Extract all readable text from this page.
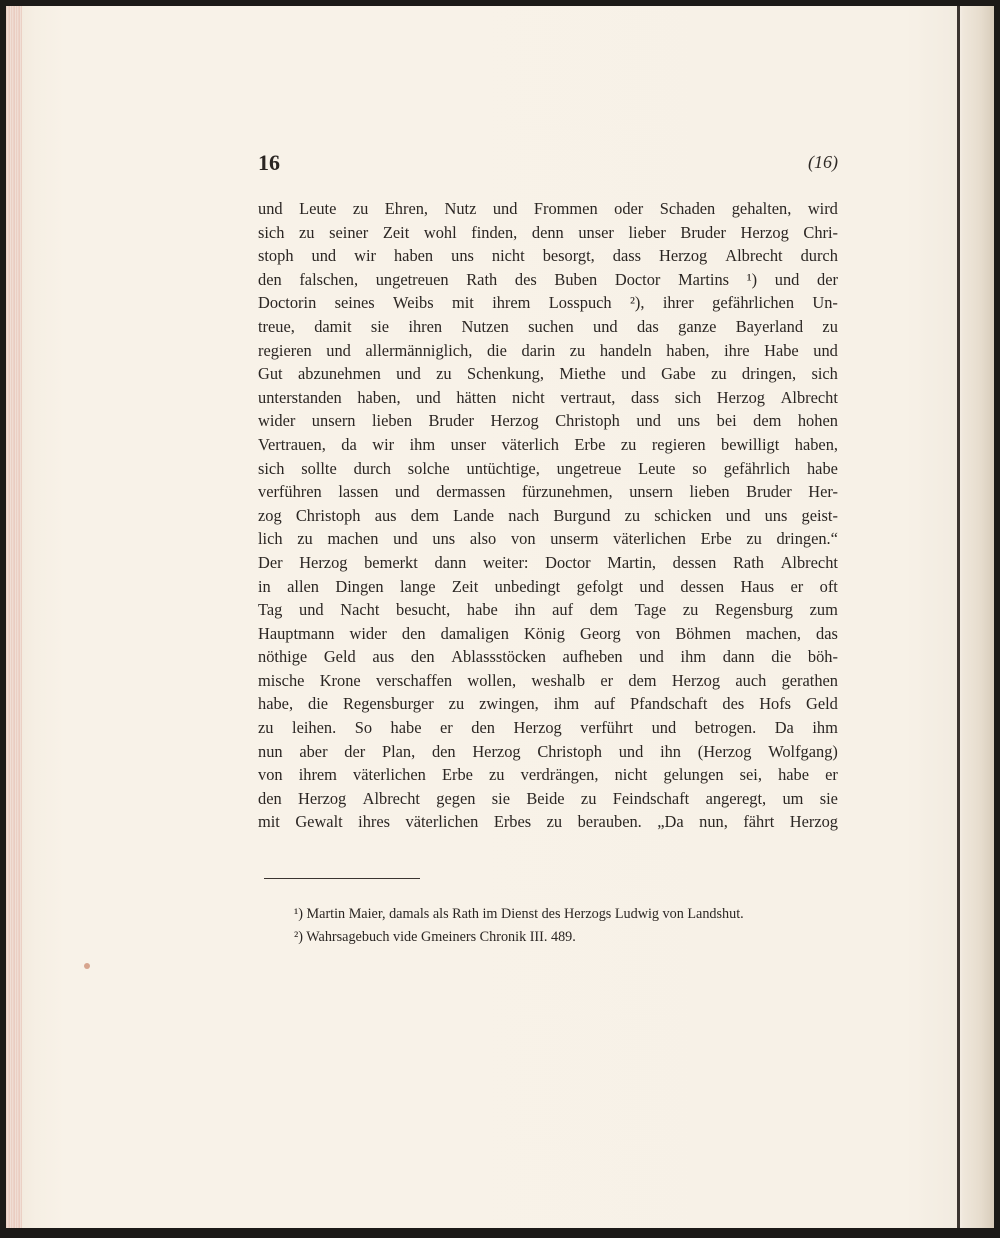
16	(16)
und Leute zu Ehren, Nutz und Frommen oder Schaden gehalten, wird
sich zu seiner Zeit wohl finden, denn unser lieber Bruder Herzog Chri-
stoph und wir haben uns nicht besorgt, dass Herzog Albrecht durch
den falschen, ungetreuen Rath des Buben Doctor Martins ¹) und der
Doctorin seines Weibs mit ihrem Losspuch ²), ihrer gefährlichen Un-
treue, damit sie ihren Nutzen suchen und das ganze Bayerland zu
regieren und allermänniglich, die darin zu handeln haben, ihre Habe und
Gut abzunehmen und zu Schenkung, Miethe und Gabe zu dringen, sich
unterstanden haben, und hätten nicht vertraut, dass sich Herzog Albrecht
wider unsern lieben Bruder Herzog Christoph und uns bei dem hohen
Vertrauen, da wir ihm unser väterlich Erbe zu regieren bewilligt haben,
sich sollte durch solche untüchtige, ungetreue Leute so gefährlich habe
verführen lassen und dermassen fürzunehmen, unsern lieben Bruder Her-
zog Christoph aus dem Lande nach Burgund zu schicken und uns geist-
lich zu machen und uns also von unserm väterlichen Erbe zu dringen.“
Der Herzog bemerkt dann weiter: Doctor Martin, dessen Rath Albrecht
in allen Dingen lange Zeit unbedingt gefolgt und dessen Haus er oft
Tag und Nacht besucht, habe ihn auf dem Tage zu Regensburg zum
Hauptmann wider den damaligen König Georg von Böhmen machen, das
nöthige Geld aus den Ablassstöcken aufheben und ihm dann die böh-
mische Krone verschaffen wollen, weshalb er dem Herzog auch gerathen
habe, die Regensburger zu zwingen, ihm auf Pfandschaft des Hofs Geld
zu leihen. So habe er den Herzog verführt und betrogen. Da ihm
nun aber der Plan, den Herzog Christoph und ihn (Herzog Wolfgang)
von ihrem väterlichen Erbe zu verdrängen, nicht gelungen sei, habe er
den Herzog Albrecht gegen sie Beide zu Feindschaft angeregt, um sie
mit Gewalt ihres väterlichen Erbes zu berauben. „Da nun, fährt Herzog
¹) Martin Maier, damals als Rath im Dienst des Herzogs Ludwig von Landshut.
²) Wahrsagebuch vide Gmeiners Chronik III. 489.
